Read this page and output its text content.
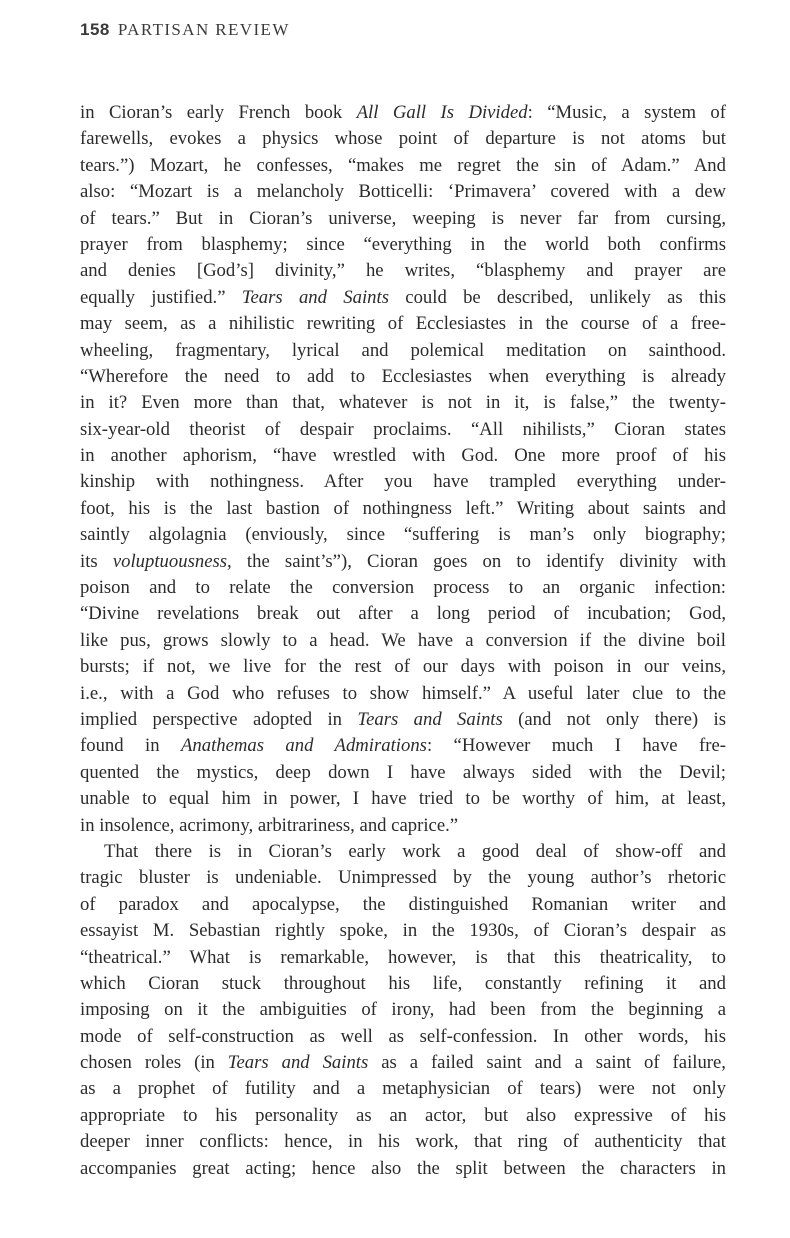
158 PARTISAN REVIEW
in Cioran’s early French book All Gall Is Divided: “Music, a system of
farewells, evokes a physics whose point of departure is not atoms but
tears.”) Mozart, he confesses, “makes me regret the sin of Adam.” And
also: “Mozart is a melancholy Botticelli: ‘Primavera’ covered with a dew
of tears.” But in Cioran’s universe, weeping is never far from cursing,
prayer from blasphemy; since “everything in the world both confirms
and denies [God’s] divinity,” he writes, “blasphemy and prayer are
equally justified.” Tears and Saints could be described, unlikely as this
may seem, as a nihilistic rewriting of Ecclesiastes in the course of a free-
wheeling, fragmentary, lyrical and polemical meditation on sainthood.
“Wherefore the need to add to Ecclesiastes when everything is already
in it? Even more than that, whatever is not in it, is false,” the twenty-
six-year-old theorist of despair proclaims. “All nihilists,” Cioran states
in another aphorism, “have wrestled with God. One more proof of his
kinship with nothingness. After you have trampled everything under-
foot, his is the last bastion of nothingness left.” Writing about saints and
saintly algolagnia (enviously, since “suffering is man’s only biography;
its voluptuousness, the saint’s”), Cioran goes on to identify divinity with
poison and to relate the conversion process to an organic infection:
“Divine revelations break out after a long period of incubation; God,
like pus, grows slowly to a head. We have a conversion if the divine boil
bursts; if not, we live for the rest of our days with poison in our veins,
i.e., with a God who refuses to show himself.” A useful later clue to the
implied perspective adopted in Tears and Saints (and not only there) is
found in Anathemas and Admirations: “However much I have fre-
quented the mystics, deep down I have always sided with the Devil;
unable to equal him in power, I have tried to be worthy of him, at least,
in insolence, acrimony, arbitrariness, and caprice.”
That there is in Cioran’s early work a good deal of show-off and
tragic bluster is undeniable. Unimpressed by the young author’s rhetoric
of paradox and apocalypse, the distinguished Romanian writer and
essayist M. Sebastian rightly spoke, in the 1930s, of Cioran’s despair as
“theatrical.” What is remarkable, however, is that this theatricality, to
which Cioran stuck throughout his life, constantly refining it and
imposing on it the ambiguities of irony, had been from the beginning a
mode of self-construction as well as self-confession. In other words, his
chosen roles (in Tears and Saints as a failed saint and a saint of failure,
as a prophet of futility and a metaphysician of tears) were not only
appropriate to his personality as an actor, but also expressive of his
deeper inner conflicts: hence, in his work, that ring of authenticity that
accompanies great acting; hence also the split between the characters in
